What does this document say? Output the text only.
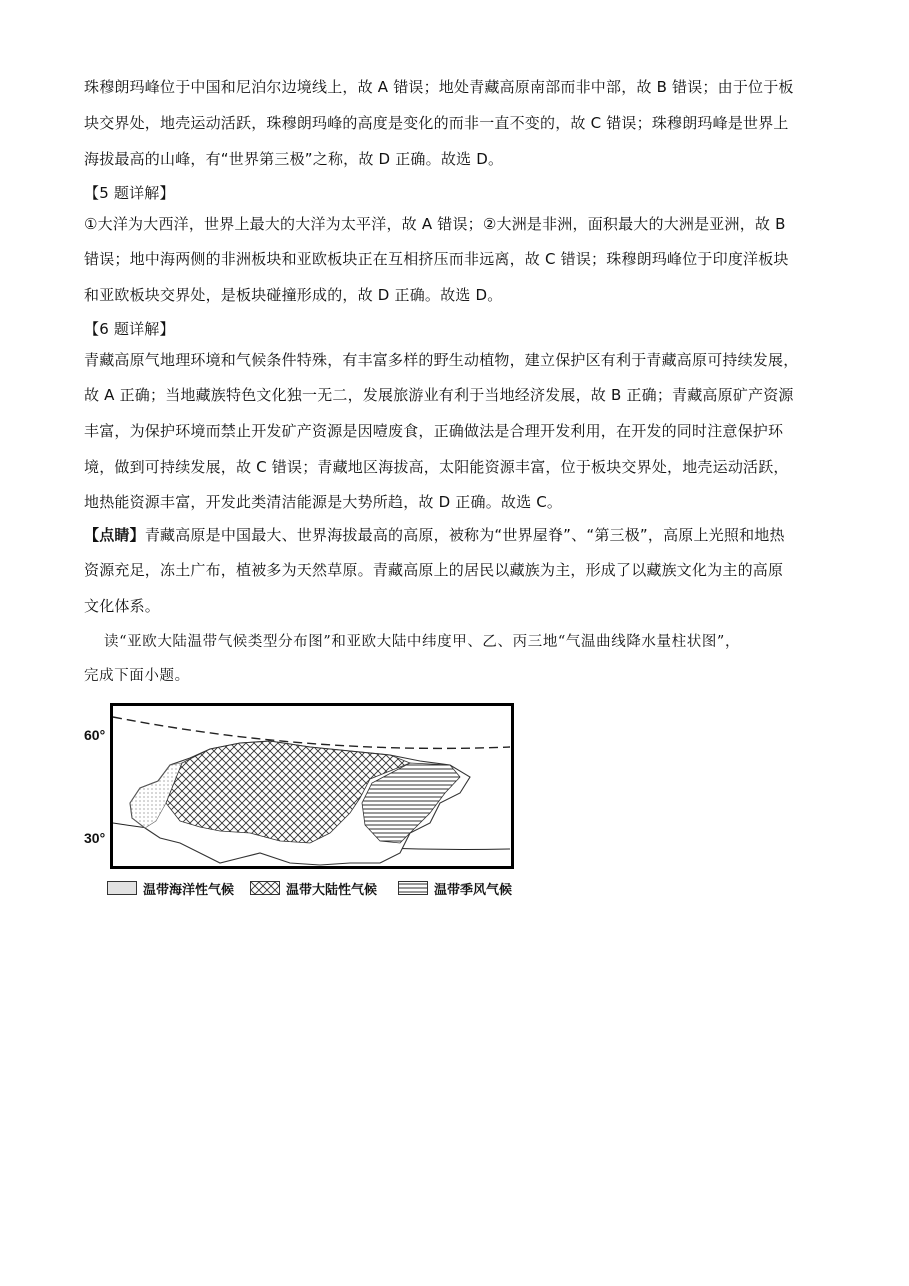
珠穆朗玛峰位于中国和尼泊尔边境线上，故 A 错误；地处青藏高原南部而非中部，故 B 错误；由于位于板
块交界处，地壳运动活跃，珠穆朗玛峰的高度是变化的而非一直不变的，故 C 错误；珠穆朗玛峰是世界上
海拔最高的山峰，有“世界第三极”之称，故 D 正确。故选 D。
【5 题详解】
①大洋为大西洋，世界上最大的大洋为太平洋，故 A 错误；②大洲是非洲，面积最大的大洲是亚洲，故 B
错误；地中海两侧的非洲板块和亚欧板块正在互相挤压而非远离，故 C 错误；珠穆朗玛峰位于印度洋板块
和亚欧板块交界处，是板块碰撞形成的，故 D 正确。故选 D。
【6 题详解】
青藏高原气地理环境和气候条件特殊，有丰富多样的野生动植物，建立保护区有利于青藏高原可持续发展，
故 A 正确；当地藏族特色文化独一无二，发展旅游业有利于当地经济发展，故 B 正确；青藏高原矿产资源
丰富，为保护环境而禁止开发矿产资源是因噎废食，正确做法是合理开发利用，在开发的同时注意保护环
境，做到可持续发展，故 C 错误；青藏地区海拔高，太阳能资源丰富，位于板块交界处，地壳运动活跃，
地热能资源丰富，开发此类清洁能源是大势所趋，故 D 正确。故选 C。
【点睛】青藏高原是中国最大、世界海拔最高的高原，被称为“世界屋脊”、“第三极”，高原上光照和地热
资源充足，冻土广布，植被多为天然草原。青藏高原上的居民以藏族为主，形成了以藏族文化为主的高原
文化体系。
读“亚欧大陆温带气候类型分布图”和亚欧大陆中纬度甲、乙、丙三地“气温曲线降水量柱状图”，
完成下面小题。
60°
30°
温带海洋性气候	温带大陆性气候	温带季风气候
